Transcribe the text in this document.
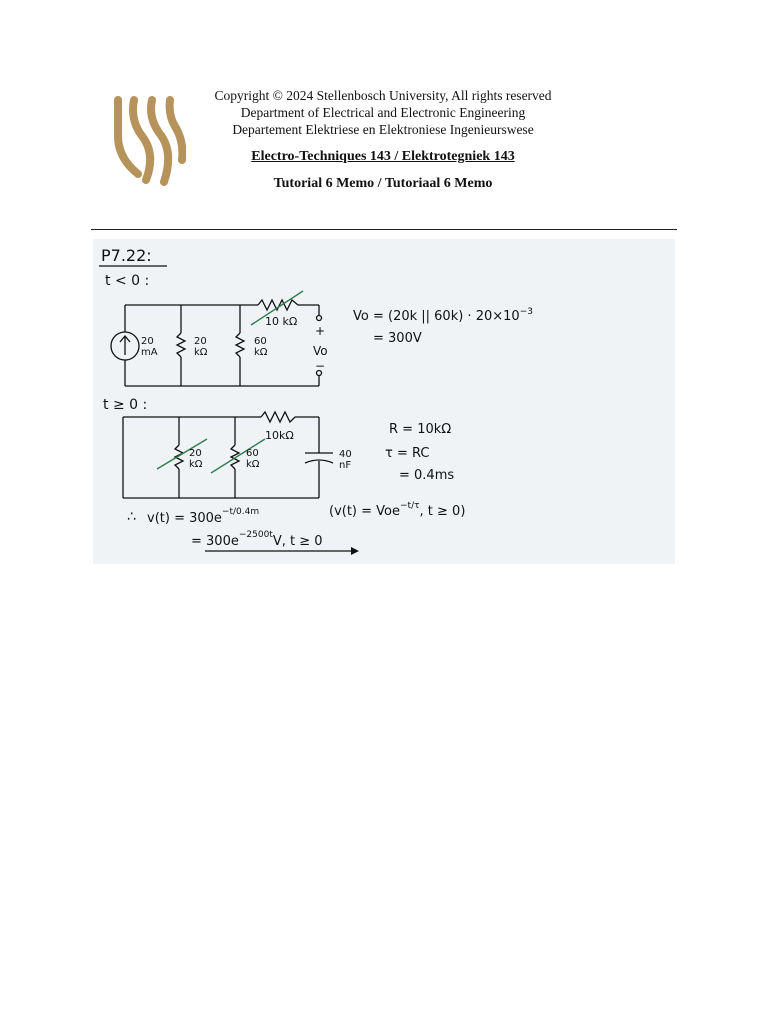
Copyright © 2024 Stellenbosch University, All rights reserved
Department of Electrical and Electronic Engineering
Departement Elektriese en Elektroniese Ingenieurswese
Electro-Techniques 143 / Elektrotegniek 143
Tutorial 6 Memo / Tutoriaal 6 Memo
P7.22:
t < 0 :
20
mA
20
kΩ
60
kΩ
10 kΩ
+
Vo
−
Vo = (20k || $60k) \cdot 20\times 10^{-3}$
= 300V
t ≥ 0 :
20
kΩ
60
kΩ
10kΩ
40
nF
R = 10kΩ
τ = RC
= 0.4ms
∴ $v(t) = 300e^{-t/0.4m}$	(v(t) = Voe$^{-t/\tau}$, t ≥ 0)
= $300e^{-2500t}V$, t ≥ 0
